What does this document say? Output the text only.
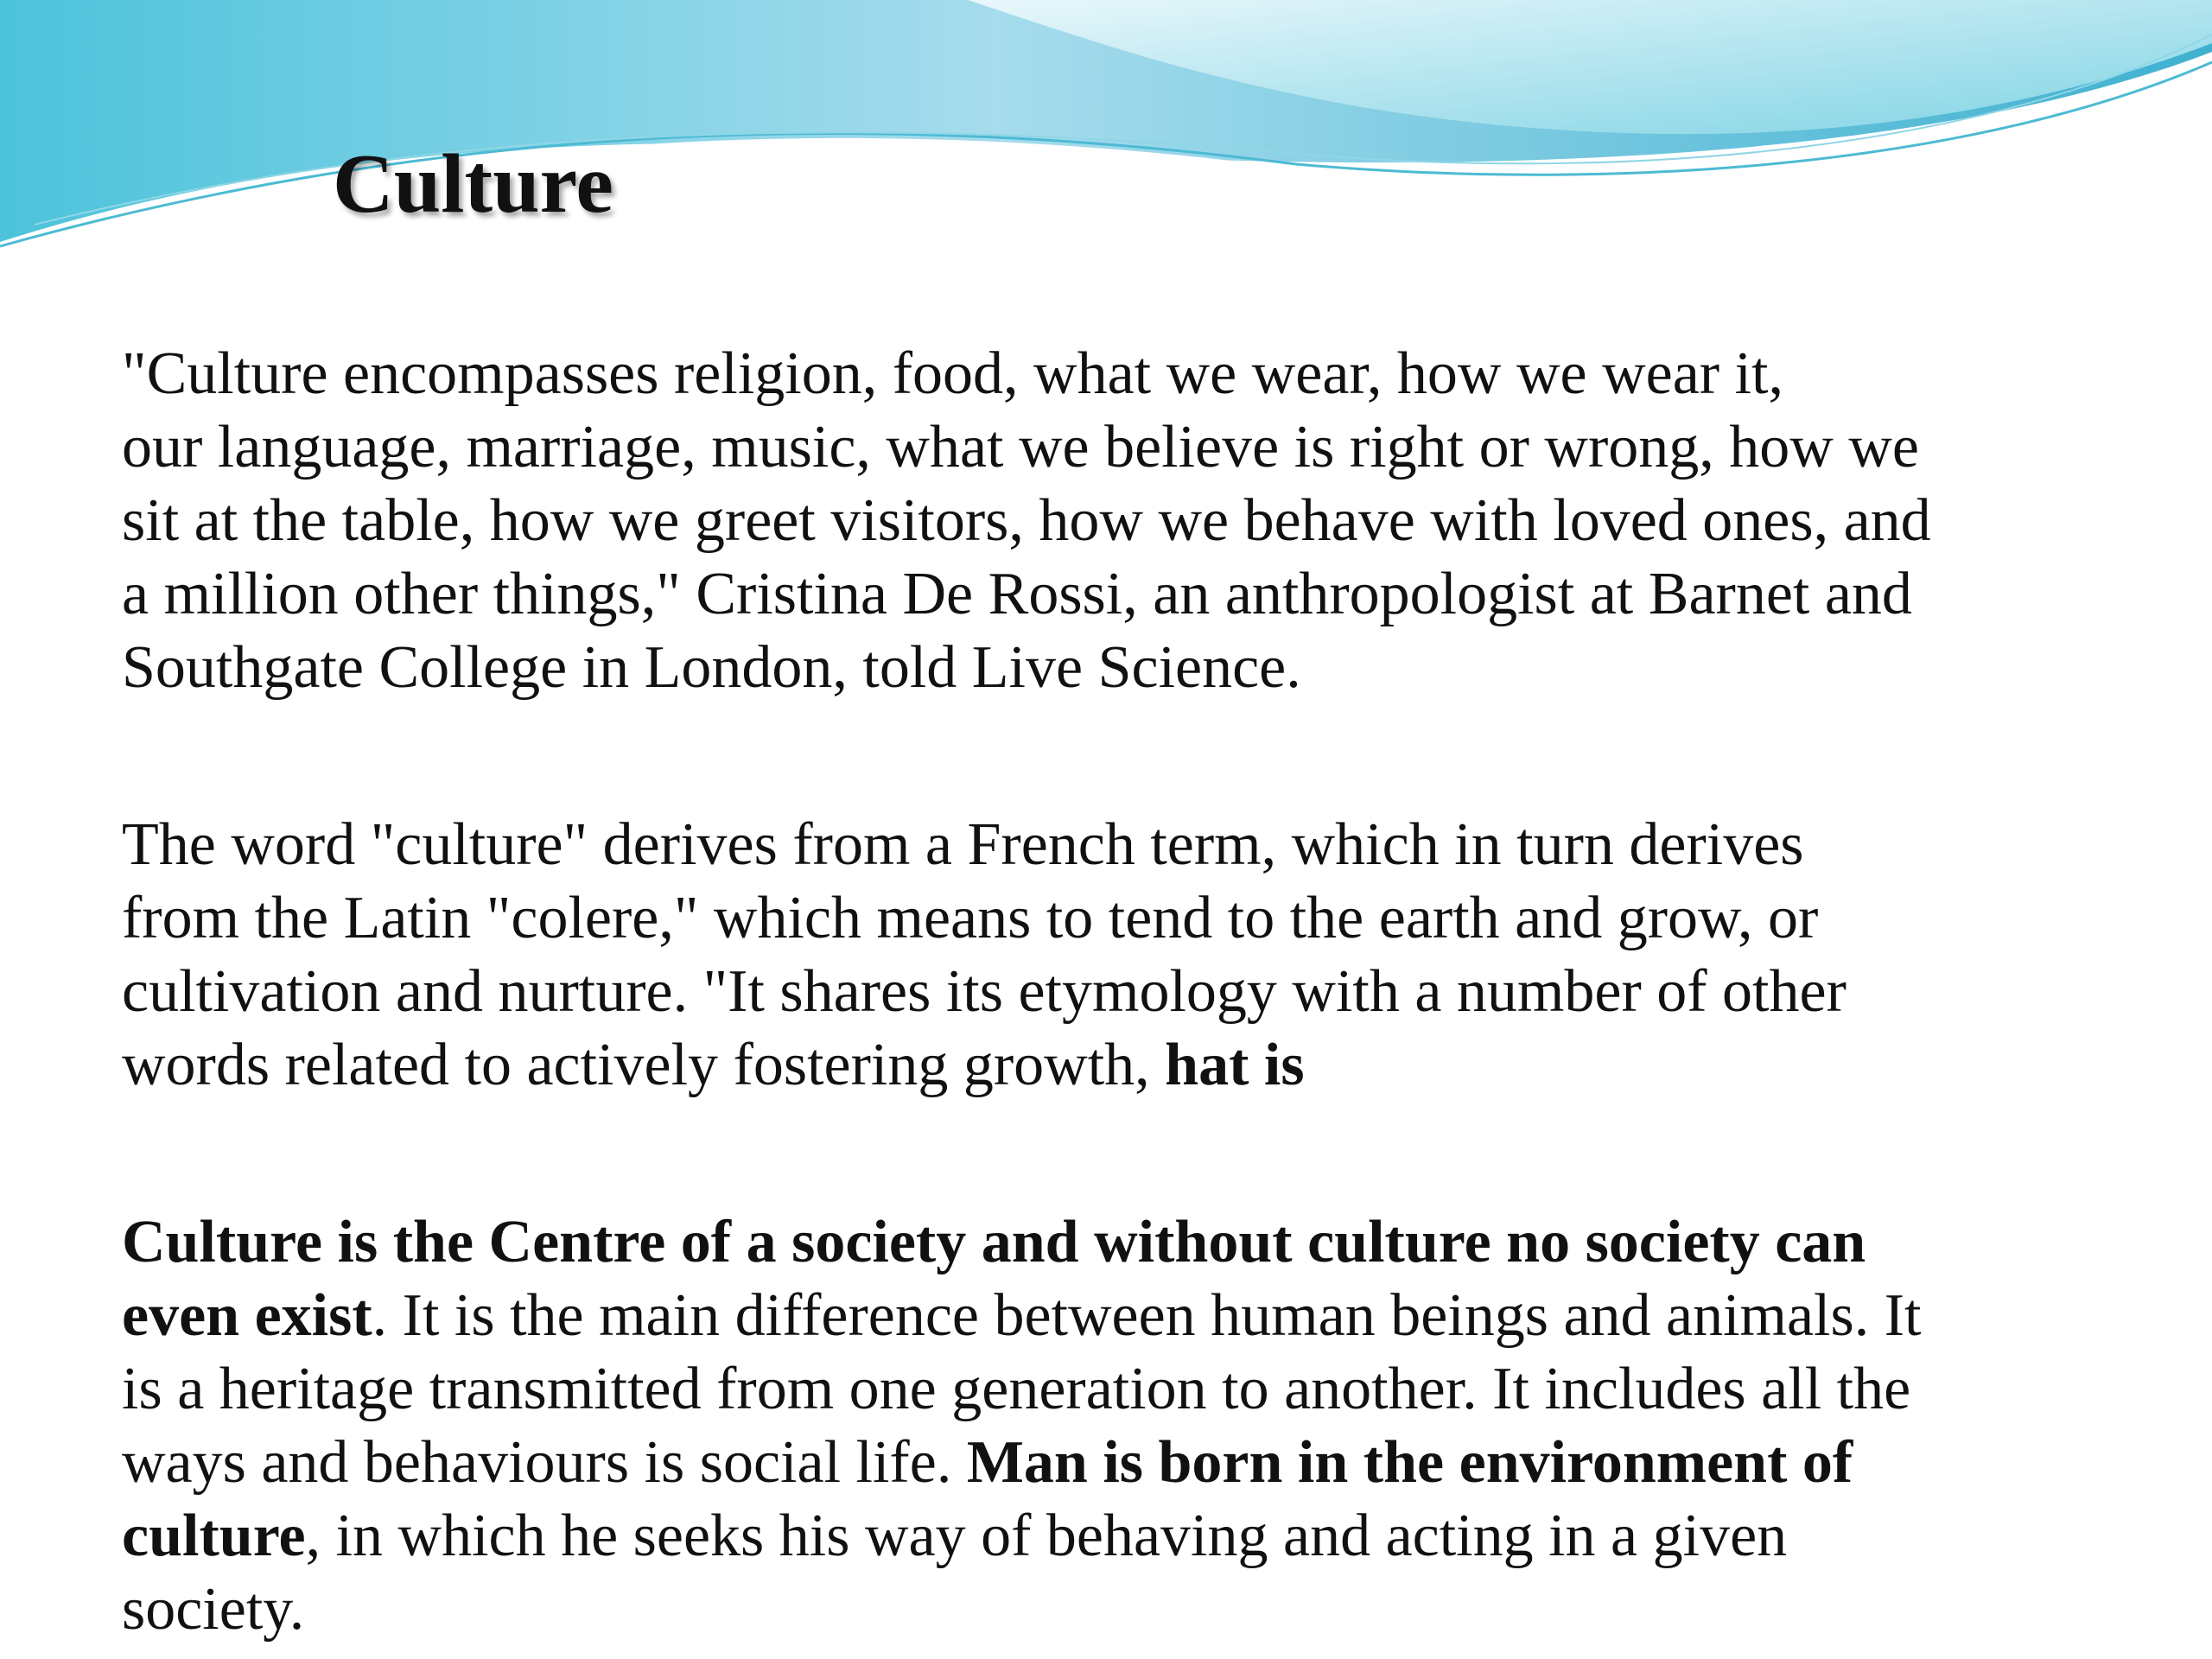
Culture

"Culture encompasses religion, food, what we wear, how we wear it,
our language, marriage, music, what we believe is right or wrong, how we
sit at the table, how we greet visitors, how we behave with loved ones, and
a million other things," Cristina De Rossi, an anthropologist at Barnet and
Southgate College in London, told Live Science.

The word "culture" derives from a French term, which in turn derives
from the Latin "colere," which means to tend to the earth and grow, or
cultivation and nurture. "It shares its etymology with a number of other
words related to actively fostering growth, hat is

Culture is the Centre of a society and without culture no society can
even exist. It is the main difference between human beings and animals. It
is a heritage transmitted from one generation to another. It includes all the
ways and behaviours is social life. Man is born in the environment of
culture, in which he seeks his way of behaving and acting in a given
society.
